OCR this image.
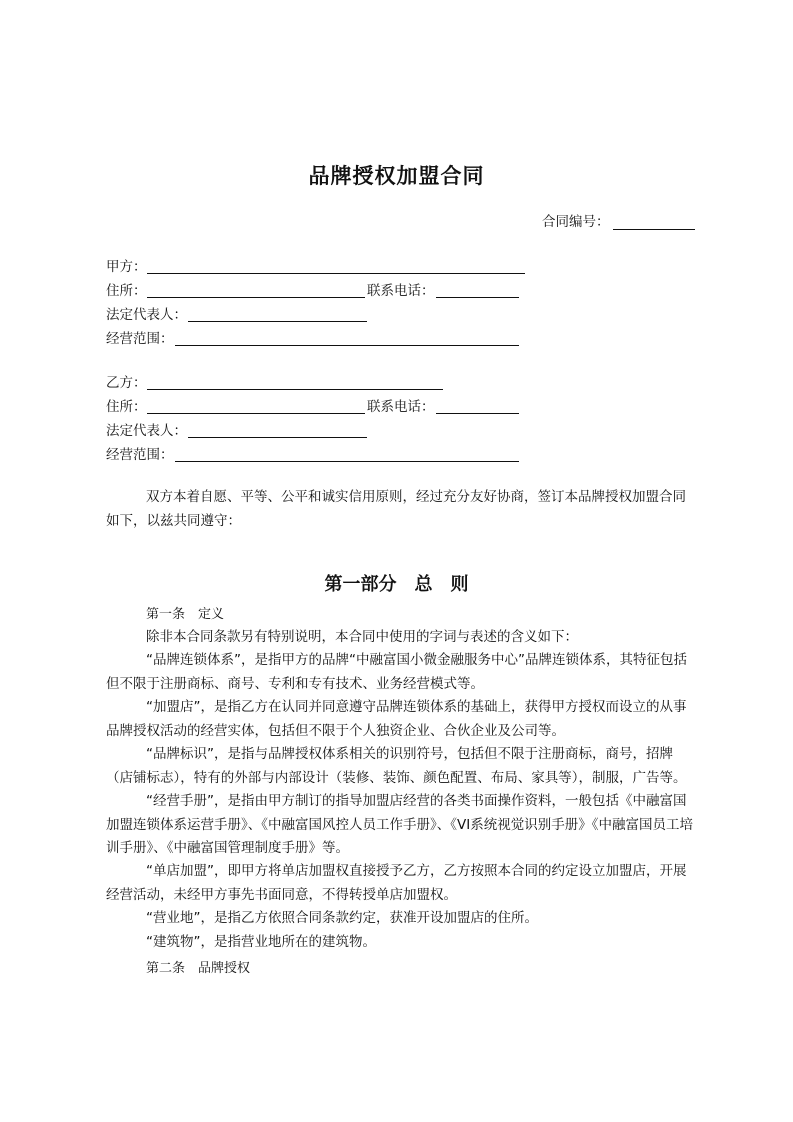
品牌授权加盟合同
合同编号：
甲方：
住所：	联系电话：
法定代表人：
经营范围：
乙方：
住所：	联系电话：
法定代表人：
经营范围：
双方本着自愿、平等、公平和诚实信用原则，经过充分友好协商，签订本品牌授权加盟合同如下，以兹共同遵守：
第一部分　总　则
第一条　定义
除非本合同条款另有特别说明，本合同中使用的字词与表述的含义如下：
“品牌连锁体系”，是指甲方的品牌“中融富国小微金融服务中心”品牌连锁体系，其特征包括但不限于注册商标、商号、专利和专有技术、业务经营模式等。
“加盟店”，是指乙方在认同并同意遵守品牌连锁体系的基础上，获得甲方授权而设立的从事品牌授权活动的经营实体，包括但不限于个人独资企业、合伙企业及公司等。
“品牌标识”，是指与品牌授权体系相关的识别符号，包括但不限于注册商标，商号，招牌（店铺标志），特有的外部与内部设计（装修、装饰、颜色配置、布局、家具等），制服，广告等。
“经营手册”，是指由甲方制订的指导加盟店经营的各类书面操作资料，一般包括《中融富国加盟连锁体系运营手册》、《中融富国风控人员工作手册》、《VI系统视觉识别手册》《中融富国员工培训手册》、《中融富国管理制度手册》等。
“单店加盟”，即甲方将单店加盟权直接授予乙方，乙方按照本合同的约定设立加盟店，开展经营活动，未经甲方事先书面同意，不得转授单店加盟权。
“营业地”，是指乙方依照合同条款约定，获准开设加盟店的住所。
“建筑物”，是指营业地所在的建筑物。
第二条　品牌授权
